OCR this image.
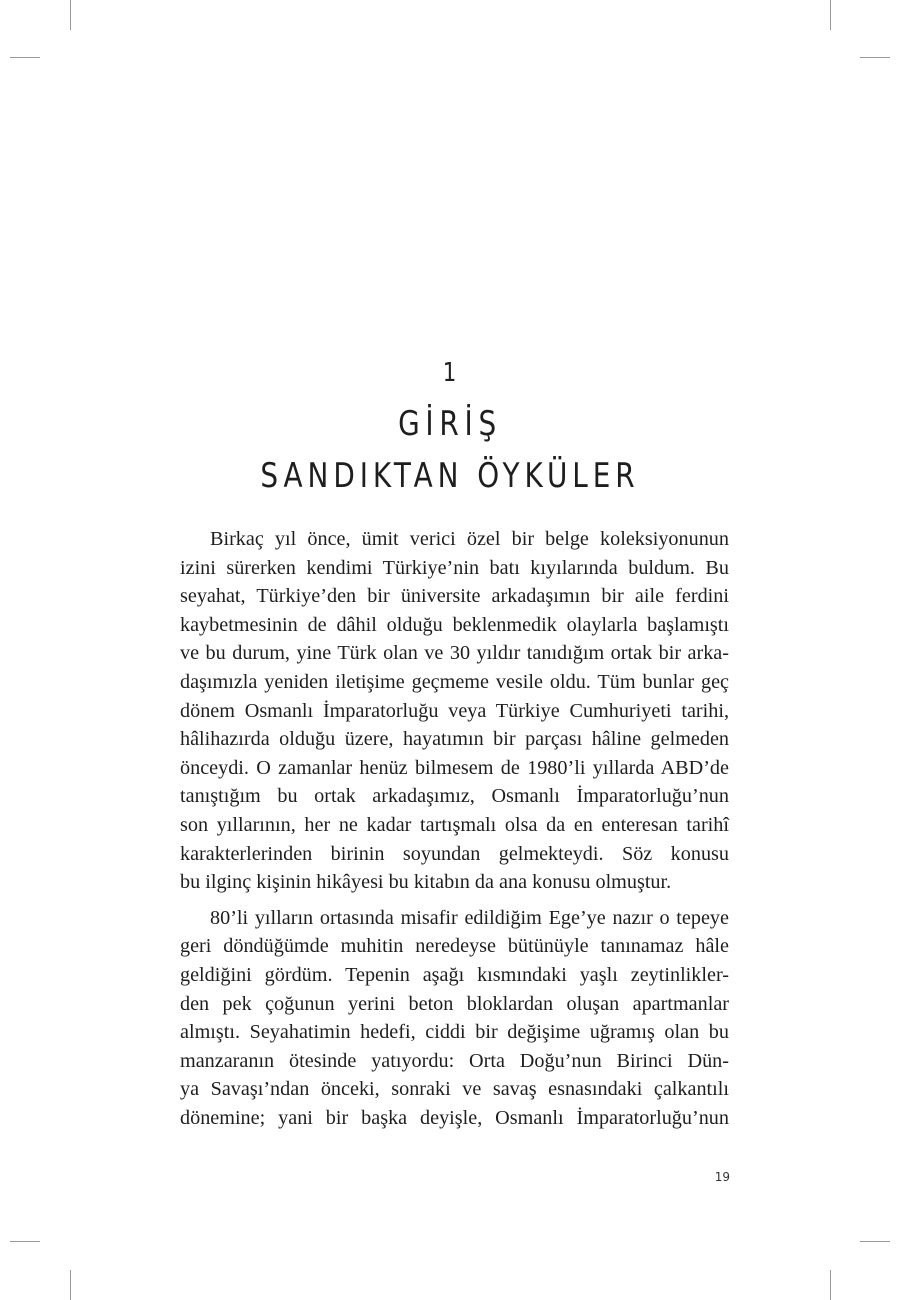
1
GİRİŞ
SANDIKTAN ÖYKÜLER

Birkaç yıl önce, ümit verici özel bir belge koleksiyonunun
izini sürerken kendimi Türkiye’nin batı kıyılarında buldum. Bu
seyahat, Türkiye’den bir üniversite arkadaşımın bir aile ferdini
kaybetmesinin de dâhil olduğu beklenmedik olaylarla başlamıştı
ve bu durum, yine Türk olan ve 30 yıldır tanıdığım ortak bir arka-
daşımızla yeniden iletişime geçmeme vesile oldu. Tüm bunlar geç
dönem Osmanlı İmparatorluğu veya Türkiye Cumhuriyeti tarihi,
hâlihazırda olduğu üzere, hayatımın bir parçası hâline gelmeden
önceydi. O zamanlar henüz bilmesem de 1980’li yıllarda ABD’de
tanıştığım bu ortak arkadaşımız, Osmanlı İmparatorluğu’nun
son yıllarının, her ne kadar tartışmalı olsa da en enteresan tarihî
karakterlerinden birinin soyundan gelmekteydi. Söz konusu
bu ilginç kişinin hikâyesi bu kitabın da ana konusu olmuştur.

80’li yılların ortasında misafir edildiğim Ege’ye nazır o tepeye
geri döndüğümde muhitin neredeyse bütünüyle tanınamaz hâle
geldiğini gördüm. Tepenin aşağı kısmındaki yaşlı zeytinlikler-
den pek çoğunun yerini beton bloklardan oluşan apartmanlar
almıştı. Seyahatimin hedefi, ciddi bir değişime uğramış olan bu
manzaranın ötesinde yatıyordu: Orta Doğu’nun Birinci Dün-
ya Savaşı’ndan önceki, sonraki ve savaş esnasındaki çalkantılı
dönemine; yani bir başka deyişle, Osmanlı İmparatorluğu’nun

19
